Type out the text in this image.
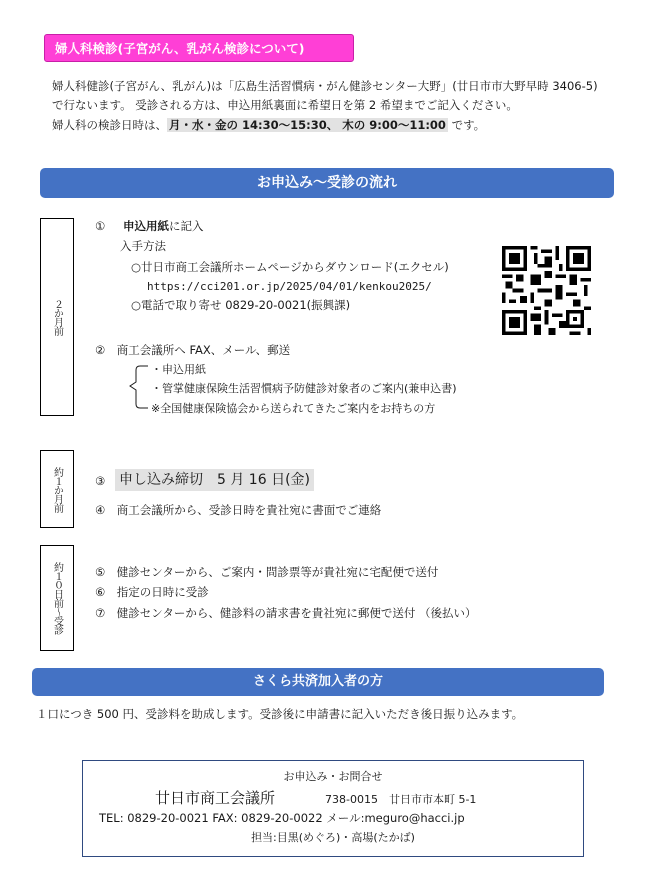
婦人科検診(子宮がん、乳がん検診について)
婦人科健診(子宮がん、乳がん)は「広島生活習慣病・がん健診センター大野」(廿日市市大野早時 3406-5)
で行ないます。 受診される方は、申込用紙裏面に希望日を第 2 希望までご記入ください。
婦人科の検診日時は、 月・水・金の 14:30～15:30、 木の 9:00～11:00 です。
お申込み～受診の流れ
２か月前
約１か月前
約１０日前～受診
① 申込用紙に記入
入手方法
○廿日市商工会議所ホームページからダウンロード(エクセル)
https://cci201.or.jp/2025/04/01/kenkou2025/
○電話で取り寄せ 0829-20-0021(振興課)
②　商工会議所へ FAX、メール、郵送
・申込用紙
・管掌健康保険生活習慣病予防健診対象者のご案内(兼申込書)
※全国健康保険協会から送られてきたご案内をお持ちの方
③ 申し込み締切　5 月 16 日(金)
④　商工会議所から、受診日時を貴社宛に書面でご連絡
⑤　健診センターから、ご案内・問診票等が貴社宛に宅配便で送付
⑥　指定の日時に受診
⑦　健診センターから、健診料の請求書を貴社宛に郵便で送付 （後払い）
さくら共済加入者の方
１口につき 500 円、受診料を助成します。受診後に申請書に記入いただき後日振り込みます。
お申込み・お問合せ
廿日市商工会議所	738-0015　廿日市市本町 5-1
TEL: 0829-20-0021 FAX: 0829-20-0022 メール:meguro@hacci.jp
担当:目黒(めぐろ)・高場(たかば)
